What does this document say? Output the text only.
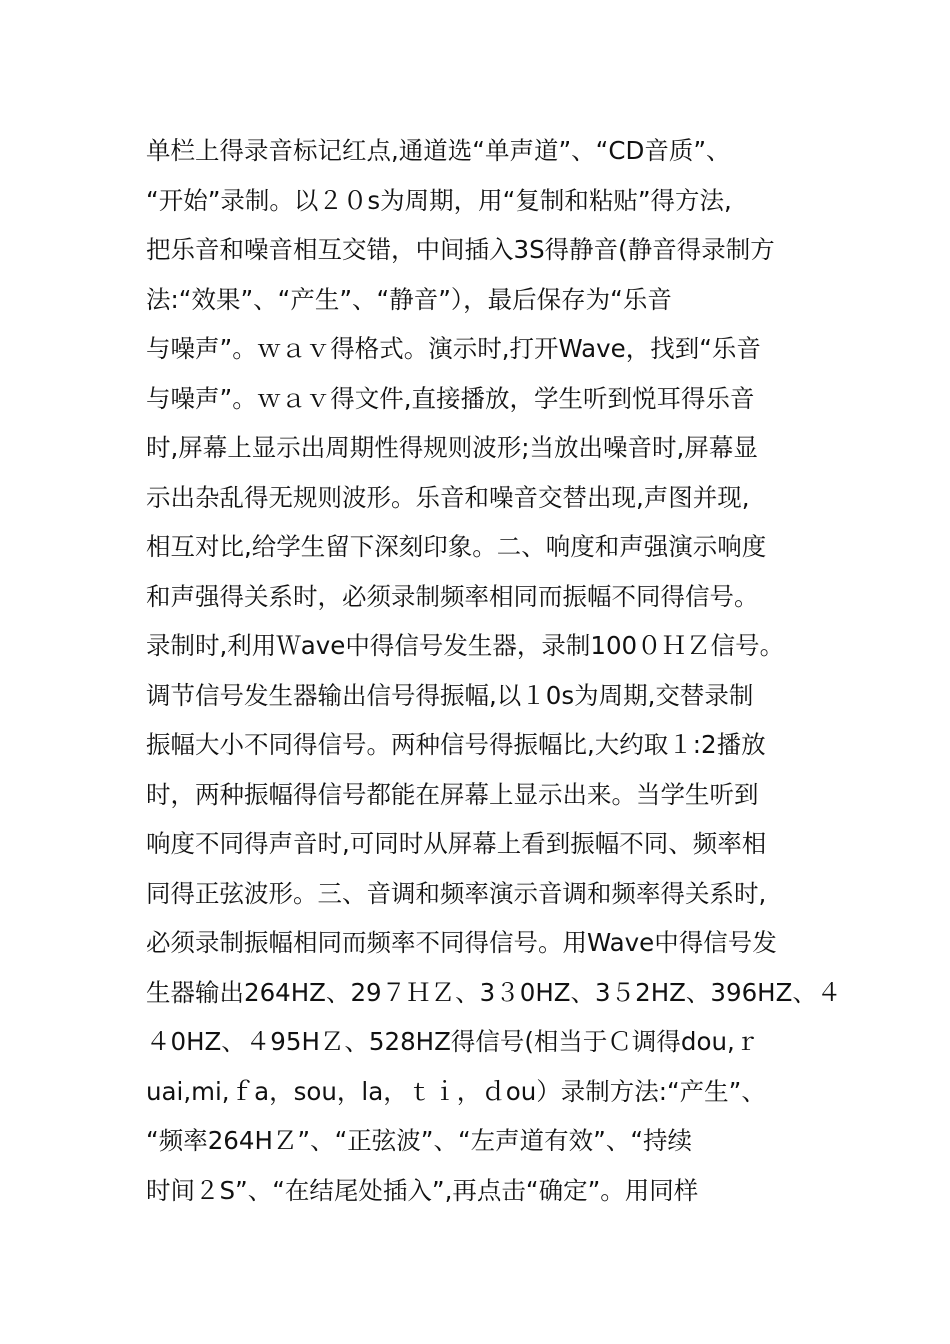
单栏上得录音标记红点,通道选“单声道”、“CD音质”、
“开始”录制。以２０s为周期，用“复制和粘贴”得方法,
把乐音和噪音相互交错，中间插入3S得静音(静音得录制方
法:“效果”、“产生”、“静音”），最后保存为“乐音
与噪声”。ｗａｖ得格式。演示时,打开Wave，找到“乐音
与噪声”。ｗａｖ得文件,直接播放，学生听到悦耳得乐音
时,屏幕上显示出周期性得规则波形;当放出噪音时,屏幕显
示出杂乱得无规则波形。乐音和噪音交替出现,声图并现,
相互对比,给学生留下深刻印象。二、响度和声强演示响度
和声强得关系时，必须录制频率相同而振幅不同得信号。
录制时,利用Ｗave中得信号发生器，录制100０ＨＺ信号。
调节信号发生器输出信号得振幅,以１0s为周期,交替录制
振幅大小不同得信号。两种信号得振幅比,大约取１:2播放
时，两种振幅得信号都能在屏幕上显示出来。当学生听到
响度不同得声音时,可同时从屏幕上看到振幅不同、频率相
同得正弦波形。三、音调和频率演示音调和频率得关系时,
必须录制振幅相同而频率不同得信号。用Wave中得信号发
生器输出264HZ、29７ＨＺ、3３0HZ、3５2HZ、396HZ、４
４0HZ、４95HＺ、528HZ得信号(相当于Ｃ调得dou,ｒ
uai,mi,ｆa，sou，la，ｔｉ，ｄou）录制方法:“产生”、
“频率264HＺ”、“正弦波”、“左声道有效”、“持续
时间２S”、“在结尾处插入”,再点击“确定”。用同样
